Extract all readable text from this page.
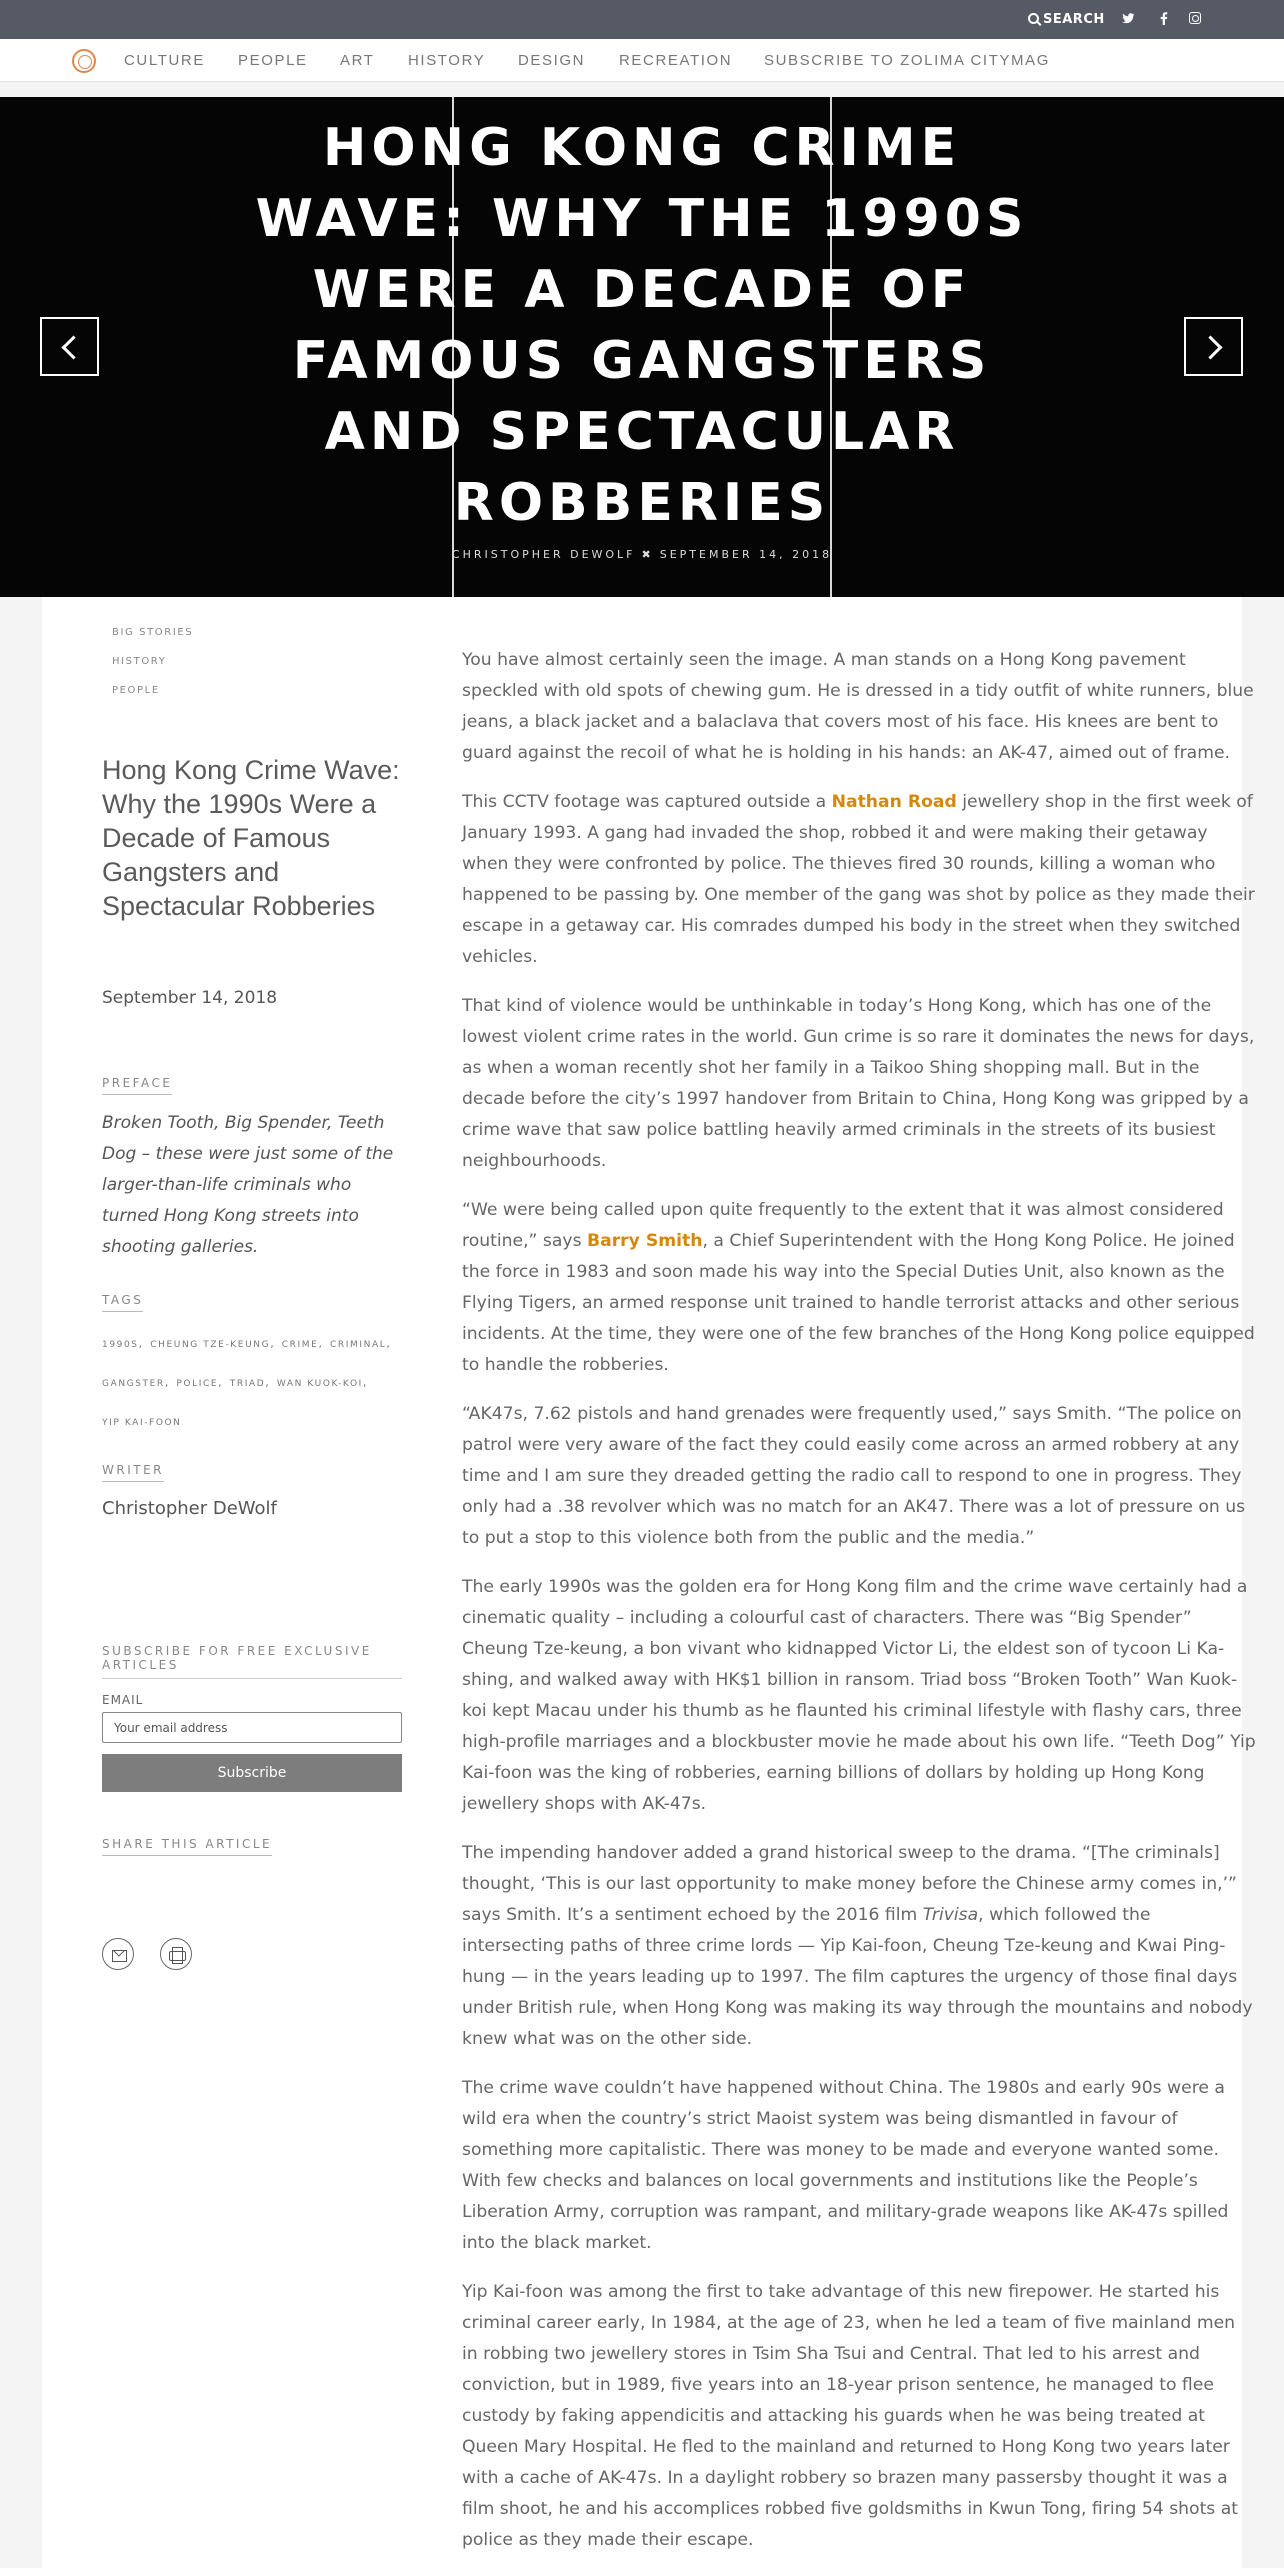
SEARCH
CULTURE PEOPLE ART HISTORY DESIGN RECREATION SUBSCRIBE TO ZOLIMA CITYMAG
HONG KONG CRIME WAVE: WHY THE 1990S WERE A DECADE OF FAMOUS GANGSTERS AND SPECTACULAR ROBBERIES
CHRISTOPHER DEWOLF ✖ SEPTEMBER 14, 2018
BIG STORIES
HISTORY
PEOPLE
Hong Kong Crime Wave: Why the 1990s Were a Decade of Famous Gangsters and Spectacular Robberies
September 14, 2018
PREFACE
Broken Tooth, Big Spender, Teeth Dog – these were just some of the larger-than-life criminals who turned Hong Kong streets into shooting galleries.
TAGS
1990S, CHEUNG TZE-KEUNG, CRIME, CRIMINAL,
GANGSTER, POLICE, TRIAD, WAN KUOK-KOI,
YIP KAI-FOON
WRITER
Christopher DeWolf
SUBSCRIBE FOR FREE EXCLUSIVE ARTICLES
EMAIL
Your email address
Subscribe
SHARE THIS ARTICLE

You have almost certainly seen the image. A man stands on a Hong Kong pavement speckled with old spots of chewing gum. He is dressed in a tidy outfit of white runners, blue jeans, a black jacket and a balaclava that covers most of his face. His knees are bent to guard against the recoil of what he is holding in his hands: an AK-47, aimed out of frame.

This CCTV footage was captured outside a Nathan Road jewellery shop in the first week of January 1993. A gang had invaded the shop, robbed it and were making their getaway when they were confronted by police. The thieves fired 30 rounds, killing a woman who happened to be passing by. One member of the gang was shot by police as they made their escape in a getaway car. His comrades dumped his body in the street when they switched vehicles.

That kind of violence would be unthinkable in today’s Hong Kong, which has one of the lowest violent crime rates in the world. Gun crime is so rare it dominates the news for days, as when a woman recently shot her family in a Taikoo Shing shopping mall. But in the decade before the city’s 1997 handover from Britain to China, Hong Kong was gripped by a crime wave that saw police battling heavily armed criminals in the streets of its busiest neighbourhoods.

“We were being called upon quite frequently to the extent that it was almost considered routine,” says Barry Smith, a Chief Superintendent with the Hong Kong Police. He joined the force in 1983 and soon made his way into the Special Duties Unit, also known as the Flying Tigers, an armed response unit trained to handle terrorist attacks and other serious incidents. At the time, they were one of the few branches of the Hong Kong police equipped to handle the robberies.

“AK47s, 7.62 pistols and hand grenades were frequently used,” says Smith. “The police on patrol were very aware of the fact they could easily come across an armed robbery at any time and I am sure they dreaded getting the radio call to respond to one in progress. They only had a .38 revolver which was no match for an AK47. There was a lot of pressure on us to put a stop to this violence both from the public and the media.”

The early 1990s was the golden era for Hong Kong film and the crime wave certainly had a cinematic quality – including a colourful cast of characters. There was “Big Spender” Cheung Tze-keung, a bon vivant who kidnapped Victor Li, the eldest son of tycoon Li Ka-shing, and walked away with HK$1 billion in ransom. Triad boss “Broken Tooth” Wan Kuok-koi kept Macau under his thumb as he flaunted his criminal lifestyle with flashy cars, three high-profile marriages and a blockbuster movie he made about his own life. “Teeth Dog” Yip Kai-foon was the king of robberies, earning billions of dollars by holding up Hong Kong jewellery shops with AK-47s.

The impending handover added a grand historical sweep to the drama. “[The criminals] thought, ‘This is our last opportunity to make money before the Chinese army comes in,’” says Smith. It’s a sentiment echoed by the 2016 film Trivisa, which followed the intersecting paths of three crime lords — Yip Kai-foon, Cheung Tze-keung and Kwai Ping-hung — in the years leading up to 1997. The film captures the urgency of those final days under British rule, when Hong Kong was making its way through the mountains and nobody knew what was on the other side.

The crime wave couldn’t have happened without China. The 1980s and early 90s were a wild era when the country’s strict Maoist system was being dismantled in favour of something more capitalistic. There was money to be made and everyone wanted some. With few checks and balances on local governments and institutions like the People’s Liberation Army, corruption was rampant, and military-grade weapons like AK-47s spilled into the black market.

Yip Kai-foon was among the first to take advantage of this new firepower. He started his criminal career early, In 1984, at the age of 23, when he led a team of five mainland men in robbing two jewellery stores in Tsim Sha Tsui and Central. That led to his arrest and conviction, but in 1989, five years into an 18-year prison sentence, he managed to flee custody by faking appendicitis and attacking his guards when he was being treated at Queen Mary Hospital. He fled to the mainland and returned to Hong Kong two years later with a cache of AK-47s. In a daylight robbery so brazen many passersby thought it was a film shoot, he and his accomplices robbed five goldsmiths in Kwun Tong, firing 54 shots at police as they made their escape.
